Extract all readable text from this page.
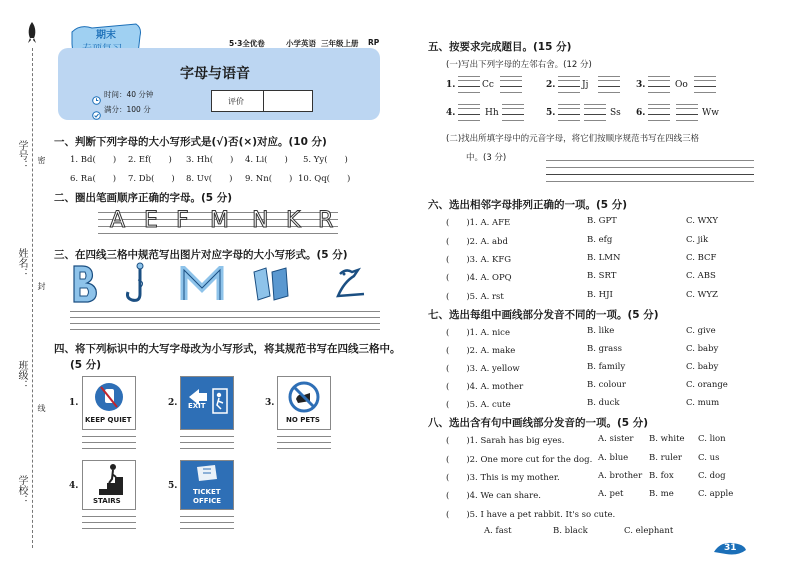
学号：
姓名：
班级：
学校：
密
封
线
期末
5·3全优卷	小学英语 三年级上册 RP
字母与语音
时间：40 分钟
满分：100 分
评价
一、判断下列字母的大小写形式是(√)否(×)对应。(10 分)
1. Bd(　　) 2. Ef(　　) 3. Hh(　　) 4. Li(　　) 5. Yy(　　)
6. Ra(　　) 7. Db(　　) 8. Uv(　　) 9. Nn(　　) 10. Qq(　　)
二、圈出笔画顺序正确的字母。(5 分)
A E F M N K R
三、在四线三格中规范写出图片对应字母的大小写形式。(5 分)
四、将下列标识中的大写字母改为小写形式，将其规范书写在四线三格中。
(5 分)
1.
KEEP QUIET
2. EXIT	3.
NO PETS
4.
STAIRS
5.
TICKET
OFFICE
五、按要求完成题目。(15 分)
(一)写出下列字母的左邻右舍。(12 分)
1.	Cc	2.	Jj	3.	Oo
4.	Hh	5.	Ss 6.	Ww
(二)找出所填字母中的元音字母，将它们按顺序规范书写在四线三格
中。(3 分)
六、选出相邻字母排列正确的一项。(5 分)
(　　)1. A. AFE	B. GPT	C. WXY
(　　)2. A. abd	B. efg	C. jik
(　　)3. A. KFG	B. LMN	C. BCF
(　　)4. A. OPQ	B. SRT	C. ABS
(　　)5. A. rst	B. HJI	C. WYZ
七、选出每组中画线部分发音不同的一项。(5 分)
(　　)1. A. nice	B. like	C. give
(　　)2. A. make	B. grass	C. baby
(　　)3. A. yellow	B. family	C. baby
(　　)4. A. mother	B. colour	C. orange
(　　)5. A. cute	B. duck	C. mum
八、选出含有句中画线部分发音的一项。(5 分)
(　　)1. Sarah has big eyes.	A. sister B. white C. lion
(　　)2. One more cut for the dog. A. blue B. ruler C. us
(　　)3. This is my mother.	A. brother B. fox	C. dog
(　　)4. We can share.	A. pet	B. me	C. apple
(　　)5. I have a pet rabbit. It's so cute.
A. fast	B. black	C. elephant
31
